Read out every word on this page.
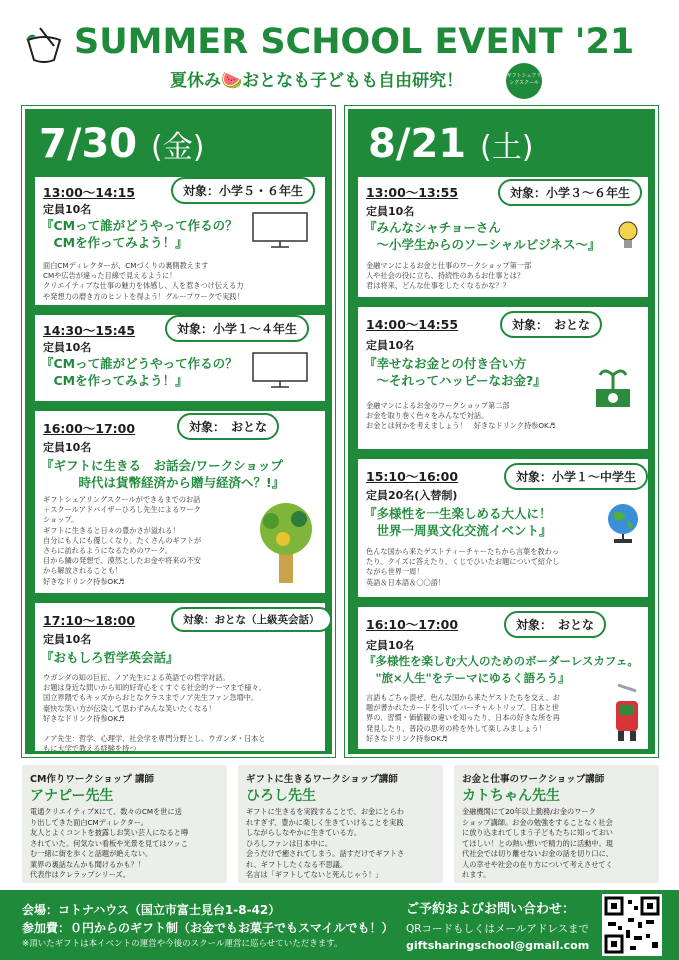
SUMMER SCHOOL EVENT '21
夏休み🍉おとなも子どもも自由研究！	ギフトシェアリングスクール
7/30 (金)
13:00～14:15	対象：小学５・６年生
定員10名
『CMって誰がどうやって作るの？
　CMを作ってみよう！』
面白CMディレクターが、CMづくりの裏側教えます
CMや広告が違った目線で見えるように！
クリエイティブな仕事の魅力を体感し、人を惹きつけ伝える力
や発想力の磨き方のヒントを得よう！グループワークで実践！
14:30～15:45	対象：小学１～４年生
定員10名
『CMって誰がどうやって作るの？
　CMを作ってみよう！』
16:00～17:00	対象：　おとな
定員10名
『ギフトに生きる　お話会/ワークショップ
　　　時代は貨幣経済から贈与経済へ？!』
ギフトシェアリングスクールができるまでのお話
＋スクールアドバイザーひろし先生によるワーク
ショップ。
ギフトに生きると日々の豊かさが溢れる！
自分にも人にも優しくなり、たくさんのギフトが
さらに訪れるようになるためのワーク。
目から鱗の発想で、漠然としたお金や将来の不安
から解放されることも！
好きなドリンク持参OK♬
17:10～18:00	対象：おとな（上級英会話）
定員10名
『おもしろ哲学英会話』
ウガンダの知の巨匠、ノア先生による英語での哲学対話。
お題は身近な問いから知的好奇心をくすぐる社会的テーマまで様々。
国立界隈でもキッズからおとなクラスまでノア先生ファン急増中。
豪快な笑い方が伝染して思わずみんな笑いたくなる！
好きなドリンク持参OK♬

ノア先生：哲学、心理学、社会学を専門分野とし、ウガンダ・日本と
もに大学で教える経験を持つ
8/21 (土)
13:00～13:55	対象：小学３～６年生
定員10名
『みんなシャチョーさん
　～小学生からのソーシャルビジネス～』
金融マンによるお金と仕事のワークショップ第一部
人や社会の役に立ち、持続性のあるお仕事とは？
君は将来、どんな仕事をしたくなるかな？？
14:00～14:55	対象：　おとな
定員10名
『幸せなお金との付き合い方
　～それってハッピーなお金?』
金融マンによるお金のワークショップ第二部
お金を取り巻く色々をみんなで対話。
お金とは何かを考えましょう！　好きなドリンク持参OK♬
15:10～16:00	対象：小学１～中学生
定員20名(入替制)
『多様性を一生楽しめる大人に！
　世界一周異文化交流イベント』
色んな国から来たゲストティーチャーたちから言葉を教わっ
たり、クイズに答えたり、くじでひいたお題について紹介し
ながら世界一周！
英語＆日本語＆〇〇語！
16:10～17:00	対象：　おとな
定員10名
『多様性を楽しむ大人のためのボーダーレスカフェ。
　"旅×人生"をテーマにゆるく語ろう』
言語もごちゃ混ぜ、色んな国から来たゲストたちを交え、お
題が書かれたカードを引いてバーチャルトリップ。日本と世
界の、習慣・価値観の違いを知ったり、日本の好きな所を再
発見したり、普段の思考の枠を外して楽しみましょう！
好きなドリンク持参OK♬
CM作りワークショップ 講師
アナピー先生
電通クリエイティブXにて、数々のCMを世に送
り出してきた面白CMディレクター。
友人とよくコントを披露しお笑い芸人になると噂
されていた。何気ない看板や光景を見てはツッこ
む一緒に街を歩くと話題が絶えない。
業界の裏話なんかも聞けるかも？！
代表作はクレラップシリーズ。
ギフトに生きるワークショップ講師
ひろし先生
ギフトに生きるを実践することで、お金にとらわ
れすぎず、豊かに楽しく生きていけることを実践
しながらしなやかに生きている方。
ひろしファンは日本中に。
会うだけで癒されてしまう。話すだけでギフトさ
れ、ギフトしたくなる不思議。
名言は「ギフトしてないと死んじゃう！」
お金と仕事のワークショップ講師
カトちゃん先生
金融機関にて20年以上勤務/お金のワーク
ショップ講師。お金の勉強をすることなく社会
に放り込まれてしまう子どもたちに知っておい
てほしい！との熱い想いで精力的に活動中。現
代社会では切り離せないお金の話を切り口に、
人の幸せや社会の在り方について考えさせてく
れます。
会場：コトナハウス（国立市富士見台1-8-42）
参加費：０円からのギフト制（お金でもお菓子でもスマイルでも！）
※頂いたギフトは本イベントの運営や今後のスクール運営に巡らせていただきます。
ご予約およびお問い合わせ：
QRコードもしくはメールアドレスまで
giftsharingschool@gmail.com
